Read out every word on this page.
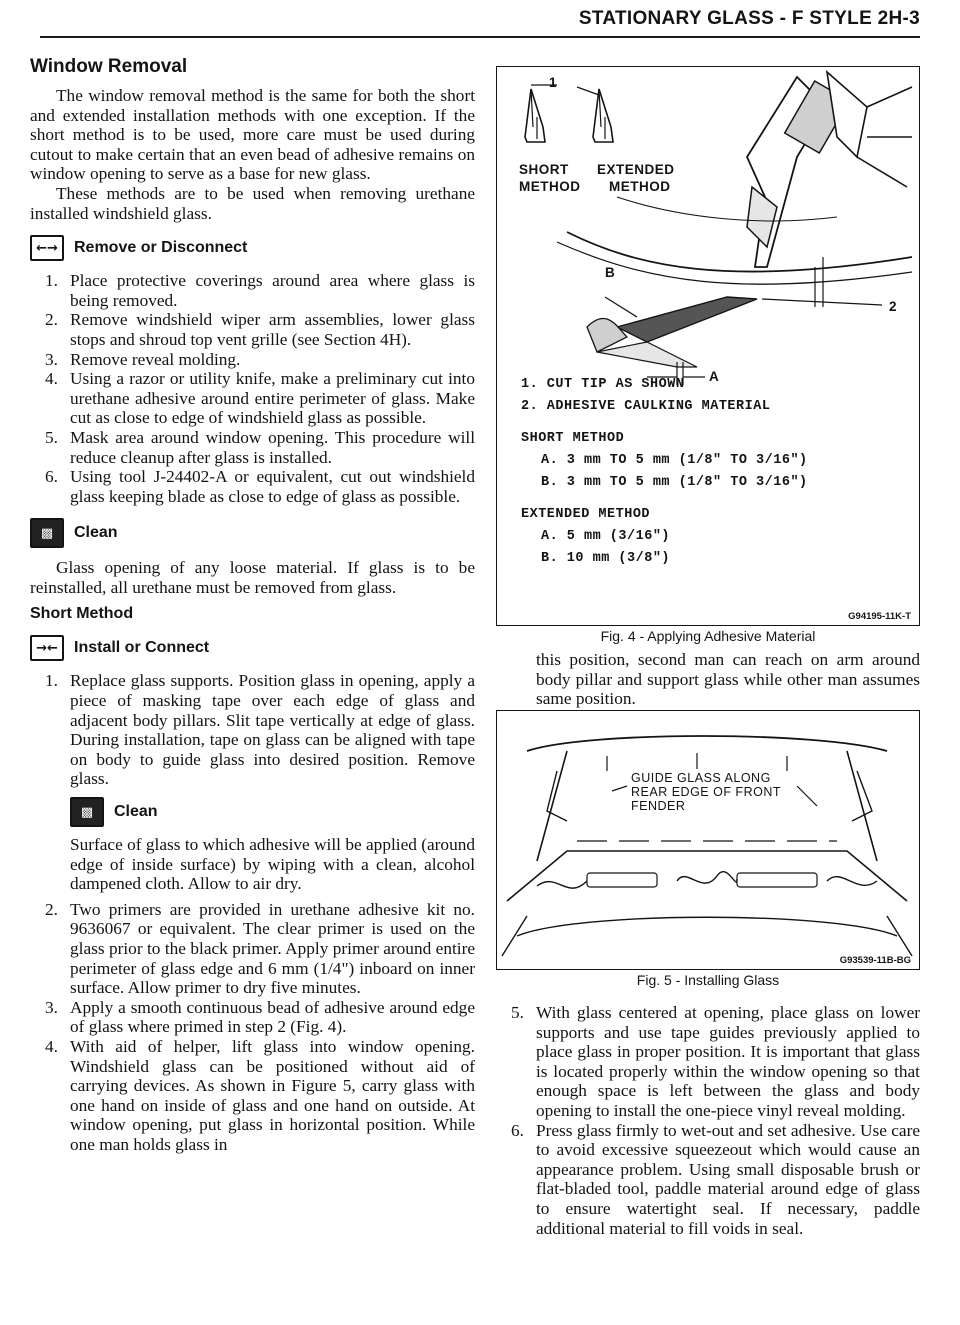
STATIONARY GLASS - F STYLE 2H-3
Window Removal

The window removal method is the same for both the short and extended installation methods with one exception. If the short method is to be used, more care must be used during cutout to make certain that an even bead of adhesive remains on window opening to serve as a base for new glass.

These methods are to be used when removing urethane installed windshield glass.

←→	Remove or Disconnect
1. Place protective coverings around area where glass is being removed.
2. Remove windshield wiper arm assemblies, lower glass stops and shroud top vent grille (see Section 4H).
3. Remove reveal molding.
4. Using a razor or utility knife, make a preliminary cut into urethane adhesive around entire perimeter of glass. Make cut as close to edge of windshield glass as possible.
5. Mask area around window opening. This procedure will reduce cleanup after glass is installed.
6. Using tool J-24402-A or equivalent, cut out windshield glass keeping blade as close to edge of glass as possible.
▩	Clean

Glass opening of any loose material. If glass is to be reinstalled, all urethane must be removed from glass.

Short Method
→←	Install or Connect
1. Replace glass supports. Position glass in opening, apply a piece of masking tape over each edge of glass and adjacent body pillars. Slit tape vertically at edge of glass. During installation, tape on glass can be aligned with tape on body to guide glass into desired position. Remove glass.
▩	Clean

Surface of glass to which adhesive will be applied (around edge of inside surface) by wiping with a clean, alcohol dampened cloth. Allow to air dry.

2. Two primers are provided in urethane adhesive kit no. 9636067 or equivalent. The clear primer is used on the glass prior to the black primer. Apply primer around entire perimeter of glass edge and 6 mm (1/4") inboard on inner surface. Allow primer to dry five minutes.
3. Apply a smooth continuous bead of adhesive around edge of glass where primed in step 2 (Fig. 4).
4. With aid of helper, lift glass into window opening. Windshield glass can be positioned without aid of carrying devices. As shown in Figure 5, carry glass with one hand on inside of glass and one hand on outside. At window opening, put glass in horizontal position. While one man holds glass in
1
SHORT
METHOD
EXTENDED
METHOD
B
2
A
1. CUT TIP AS SHOWN
2. ADHESIVE CAULKING MATERIAL
SHORT METHOD
A. 3 mm TO 5 mm (1/8" TO 3/16")
B. 3 mm TO 5 mm (1/8" TO 3/16")
EXTENDED METHOD
A. 5 mm (3/16")
B. 10 mm (3/8")
G94195-11K-T
Fig. 4 - Applying Adhesive Material

this position, second man can reach on arm around body pillar and support glass while other man assumes same position.

GUIDE GLASS ALONG
REAR EDGE OF FRONT
FENDER
G93539-11B-BG
Fig. 5 - Installing Glass
5. With glass centered at opening, place glass on lower supports and use tape guides previously applied to place glass in proper position. It is important that glass is located properly within the window opening so that enough space is left between the glass and body opening to install the one-piece vinyl reveal molding.
6. Press glass firmly to wet-out and set adhesive. Use care to avoid excessive squeezeout which would cause an appearance problem. Using small disposable brush or flat-bladed tool, paddle material around edge of glass to ensure watertight seal. If necessary, paddle additional material to fill voids in seal.
